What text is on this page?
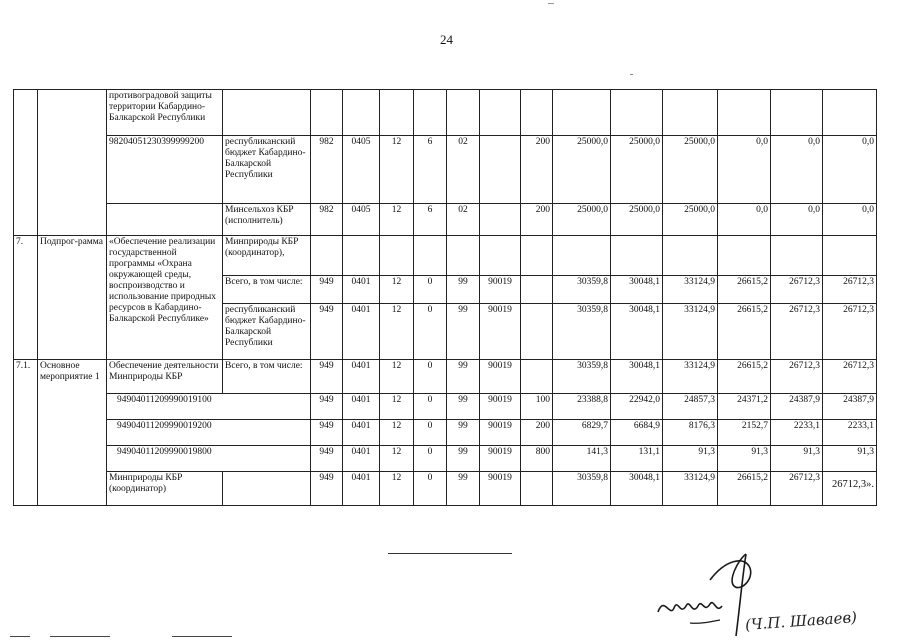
24
		противоградовой защиты территории Кабардино-Балкарской Республики														
		98204051230399999200	республиканский бюджет Кабардино-Балкарской Республики	982	0405	12	6	02		200	25000,0	25000,0	25000,0	0,0	0,0	0,0
			Минсельхоз КБР (исполнитель)	982	0405	12	6	02		200	25000,0	25000,0	25000,0	0,0	0,0	0,0
7.	Подпрог-рамма	«Обеспечение реализации государственной программы «Охрана окружающей среды, воспроизводство и использование природных ресурсов в Кабардино-Балкарской Республике»	Минприроды КБР (координатор),													
			Всего, в том числе:	949	0401	12	0	99	90019		30359,8	30048,1	33124,9	26615,2	26712,3	26712,3
			республиканский бюджет Кабардино-Балкарской Республики	949	0401	12	0	99	90019		30359,8	30048,1	33124,9	26615,2	26712,3	26712,3
7.1.	Основное мероприятие 1	Обеспечение деятельности Минприроды КБР	Всего, в том числе:	949	0401	12	0	99	90019		30359,8	30048,1	33124,9	26615,2	26712,3	26712,3
		94904011209990019100		949	0401	12	0	99	90019	100	23388,8	22942,0	24857,3	24371,2	24387,9	24387,9
		94904011209990019200		949	0401	12	0	99	90019	200	6829,7	6684,9	8176,3	2152,7	2233,1	2233,1
		94904011209990019800		949	0401	12	0	99	90019	800	141,3	131,1	91,3	91,3	91,3	91,3
		Минприроды КБР (координатор)		949	0401	12	0	99	90019		30359,8	30048,1	33124,9	26615,2	26712,3	26712,3».
(Ч.П. Шаваев)
